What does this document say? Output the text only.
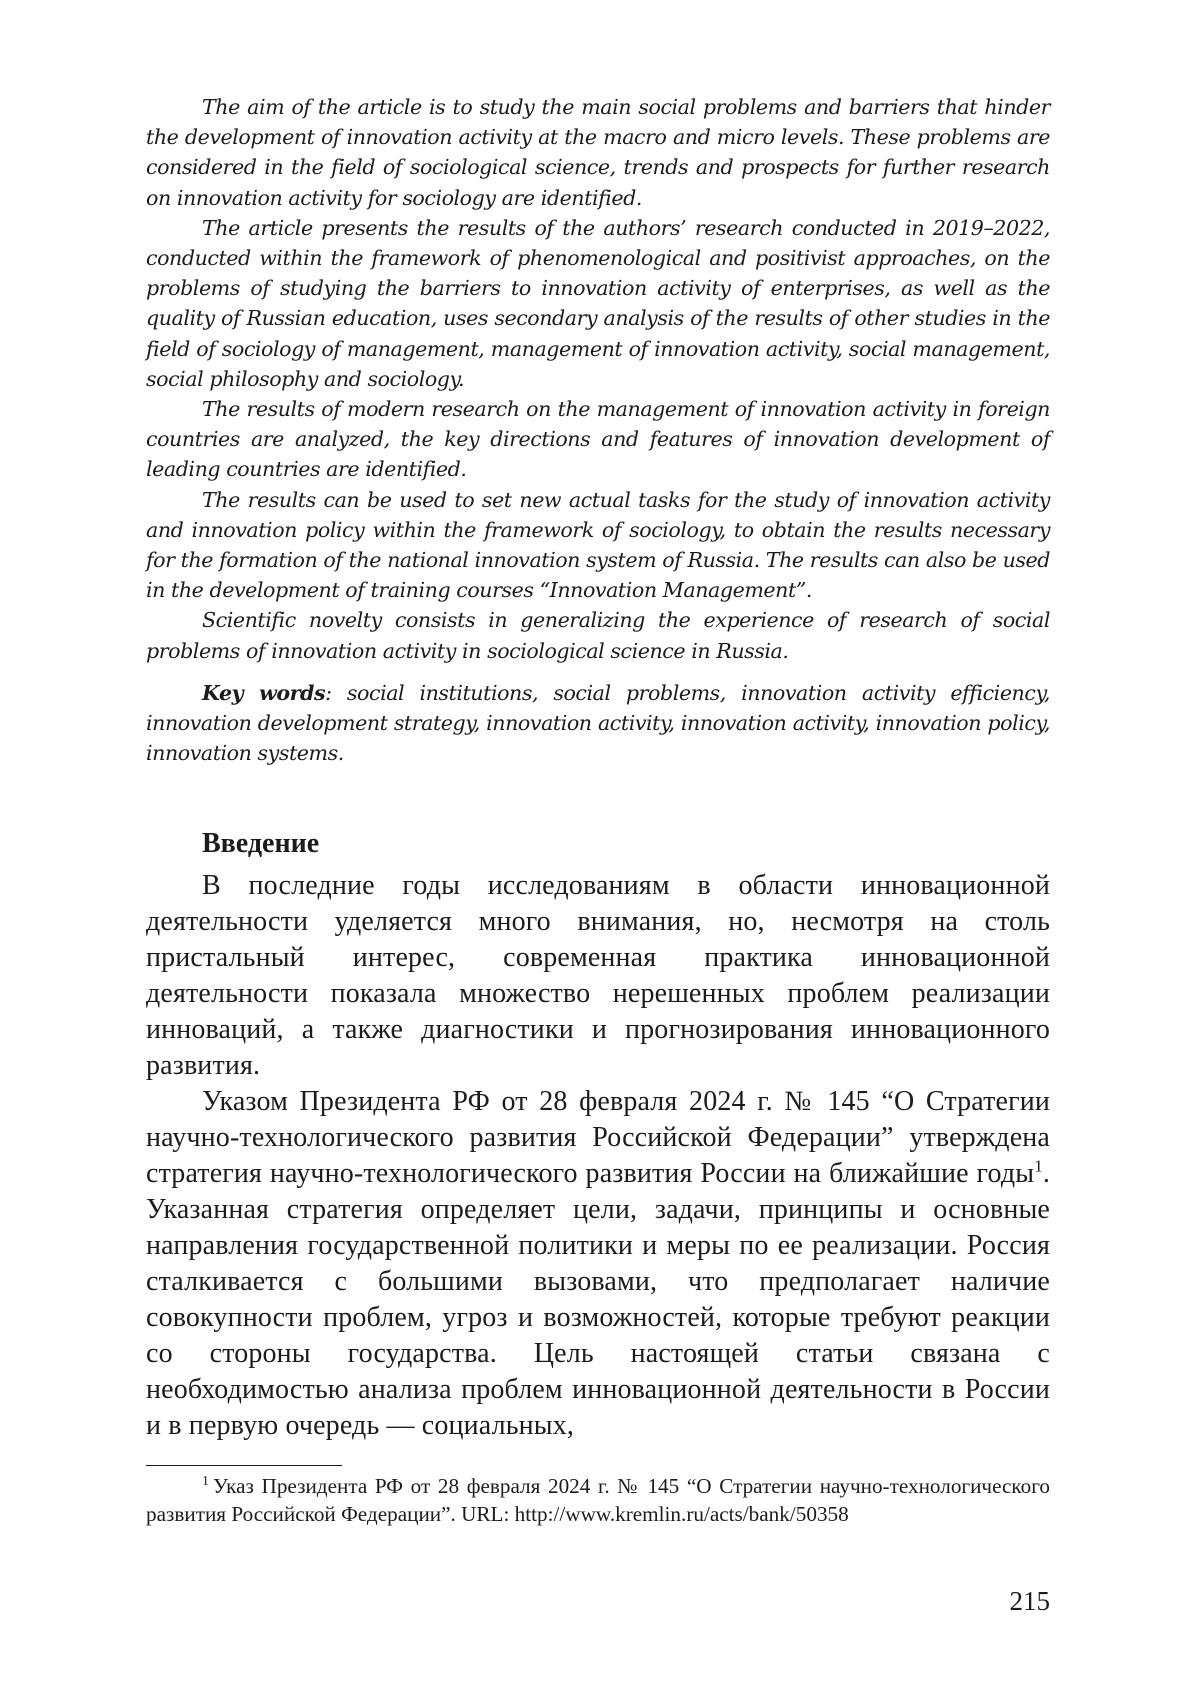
The aim of the article is to study the main social problems and barriers that hinder the development of innovation activity at the macro and micro levels. These problems are considered in the field of sociological science, trends and prospects for further research on innovation activity for sociology are identified.

The article presents the results of the authors’ research conducted in 2019–2022, conducted within the framework of phenomenological and positivist approaches, on the problems of studying the barriers to innovation activity of enterprises, as well as the quality of Russian education, uses secondary analysis of the results of other studies in the field of sociology of management, management of innovation activity, social management, social philosophy and sociology.

The results of modern research on the management of innovation activity in foreign countries are analyzed, the key directions and features of innovation development of leading countries are identified.

The results can be used to set new actual tasks for the study of innovation activity and innovation policy within the framework of sociology, to obtain the results necessary for the formation of the national innovation system of Russia. The results can also be used in the development of training courses “Innovation Management”.

Scientific novelty consists in generalizing the experience of research of social problems of innovation activity in sociological science in Russia.

Key words: social institutions, social problems, innovation activity efficiency, innovation development strategy, innovation activity, innovation activity, innovation policy, innovation systems.

Введение

В последние годы исследованиям в области инновационной деятельности уделяется много внимания, но, несмотря на столь пристальный интерес, современная практика инновационной деятельности показала множество нерешенных проблем реализации инноваций, а также диагностики и прогнозирования инновационного развития.

Указом Президента РФ от 28 февраля 2024 г. № 145 “О Стратегии научно-технологического развития Российской Федерации” утверждена стратегия научно-технологического развития России на ближайшие годы$^1$. Указанная стратегия определяет цели, задачи, принципы и основные направления государственной политики и меры по ее реализации. Россия сталкивается с большими вызовами, что предполагает наличие совокупности проблем, угроз и возможностей, которые требуют реакции со стороны государства. Цель настоящей статьи связана с необходимостью анализа проблем инновационной деятельности в России и в первую очередь — социальных,

$^1$ Указ Президента РФ от 28 февраля 2024 г. № 145 “О Стратегии научно-технологического развития Российской Федерации”. URL: http://www.kremlin.ru/acts/bank/50358

215
